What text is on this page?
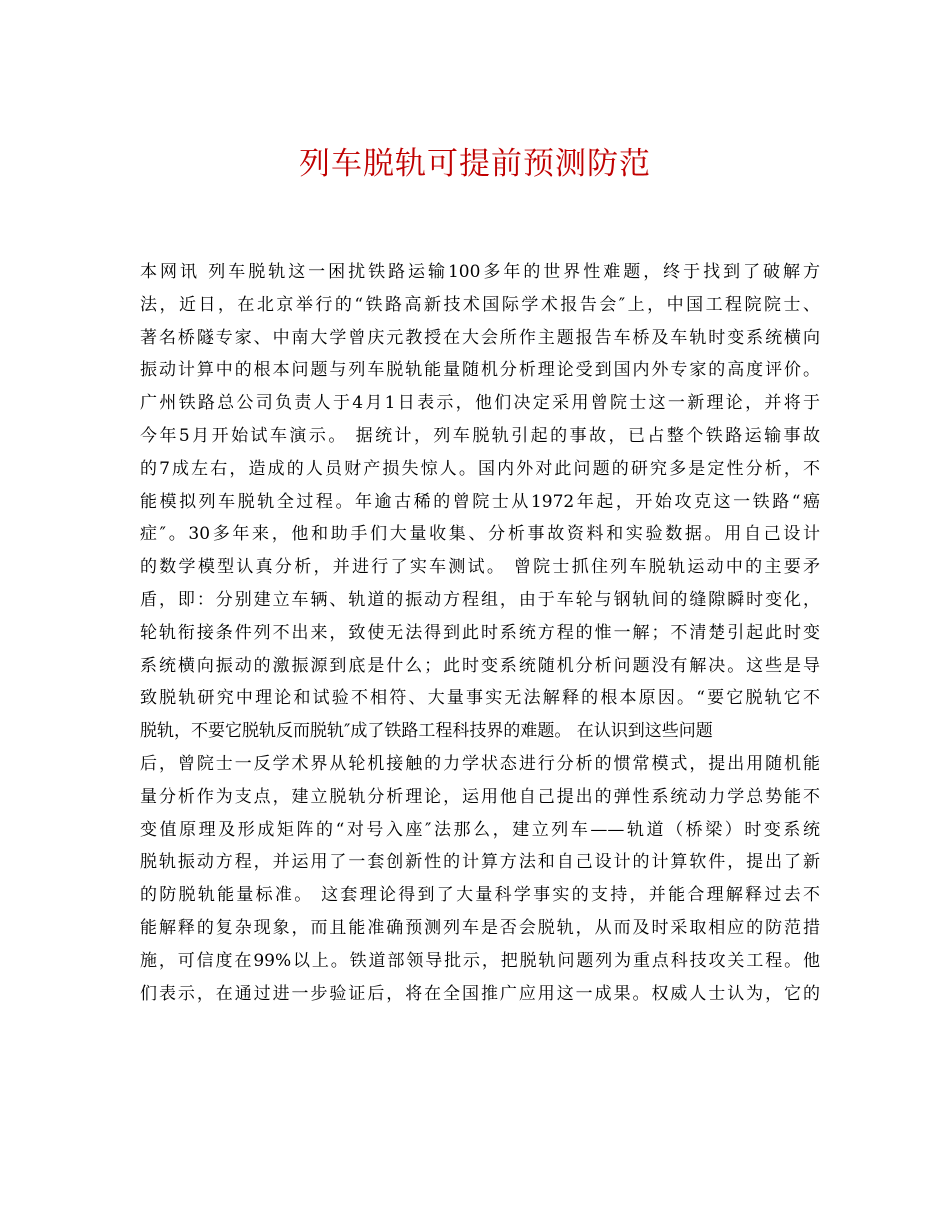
列车脱轨可提前预测防范
本网讯 列车脱轨这一困扰铁路运输100多年的世界性难题，终于找到了破解方
法，近日，在北京举行的“铁路高新技术国际学术报告会″上，中国工程院院士、
著名桥隧专家、中南大学曾庆元教授在大会所作主题报告车桥及车轨时变系统横向
振动计算中的根本问题与列车脱轨能量随机分析理论受到国内外专家的高度评价。
广州铁路总公司负责人于4月1日表示，他们决定采用曾院士这一新理论，并将于
今年5月开始试车演示。 据统计，列车脱轨引起的事故，已占整个铁路运输事故
的7成左右，造成的人员财产损失惊人。国内外对此问题的研究多是定性分析，不
能模拟列车脱轨全过程。年逾古稀的曾院士从1972年起，开始攻克这一铁路“癌
症″。30多年来，他和助手们大量收集、分析事故资料和实验数据。用自己设计
的数学模型认真分析，并进行了实车测试。 曾院士抓住列车脱轨运动中的主要矛
盾，即：分别建立车辆、轨道的振动方程组，由于车轮与钢轨间的缝隙瞬时变化，
轮轨衔接条件列不出来，致使无法得到此时系统方程的惟一解；不清楚引起此时变
系统横向振动的激振源到底是什么；此时变系统随机分析问题没有解决。这些是导
致脱轨研究中理论和试验不相符、大量事实无法解释的根本原因。“要它脱轨它不
脱轨，不要它脱轨反而脱轨″成了铁路工程科技界的难题。 在认识到这些问题
后，曾院士一反学术界从轮机接触的力学状态进行分析的惯常模式，提出用随机能
量分析作为支点，建立脱轨分析理论，运用他自己提出的弹性系统动力学总势能不
变值原理及形成矩阵的“对号入座″法那么，建立列车——轨道（桥梁）时变系统
脱轨振动方程，并运用了一套创新性的计算方法和自己设计的计算软件，提出了新
的防脱轨能量标准。 这套理论得到了大量科学事实的支持，并能合理解释过去不
能解释的复杂现象，而且能准确预测列车是否会脱轨，从而及时采取相应的防范措
施，可信度在99%以上。铁道部领导批示，把脱轨问题列为重点科技攻关工程。他
们表示，在通过进一步验证后，将在全国推广应用这一成果。权威人士认为，它的
